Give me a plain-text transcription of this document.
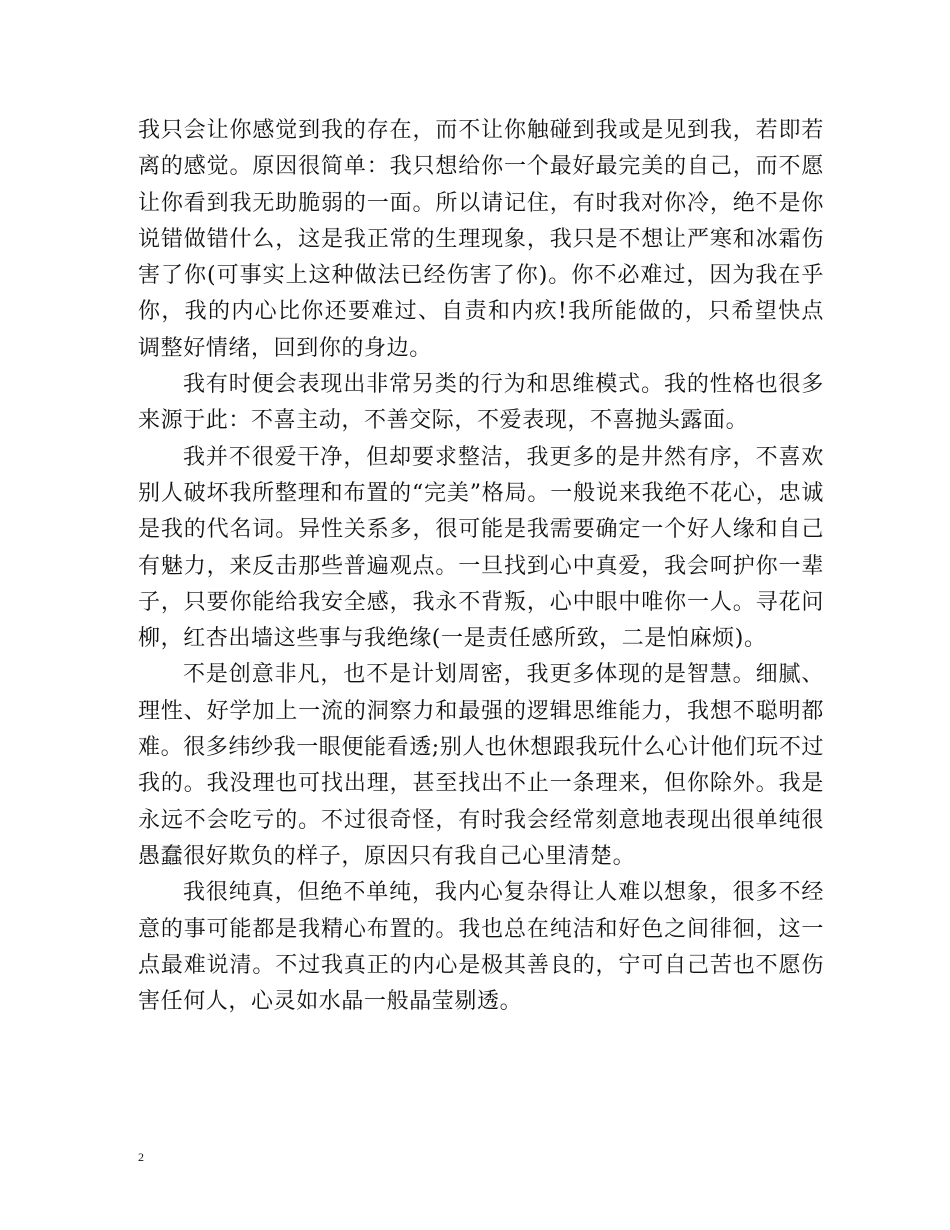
我只会让你感觉到我的存在，而不让你触碰到我或是见到我，若即若离的感觉。原因很简单：我只想给你一个最好最完美的自己，而不愿让你看到我无助脆弱的一面。所以请记住，有时我对你冷，绝不是你说错做错什么，这是我正常的生理现象，我只是不想让严寒和冰霜伤害了你(可事实上这种做法已经伤害了你)。你不必难过，因为我在乎你，我的内心比你还要难过、自责和内疚!我所能做的，只希望快点调整好情绪，回到你的身边。

我有时便会表现出非常另类的行为和思维模式。我的性格也很多来源于此：不喜主动，不善交际，不爱表现，不喜抛头露面。

我并不很爱干净，但却要求整洁，我更多的是井然有序，不喜欢别人破坏我所整理和布置的“完美”格局。一般说来我绝不花心，忠诚是我的代名词。异性关系多，很可能是我需要确定一个好人缘和自己有魅力，来反击那些普遍观点。一旦找到心中真爱，我会呵护你一辈子，只要你能给我安全感，我永不背叛，心中眼中唯你一人。寻花问柳，红杏出墙这些事与我绝缘(一是责任感所致，二是怕麻烦)。

不是创意非凡，也不是计划周密，我更多体现的是智慧。细腻、理性、好学加上一流的洞察力和最强的逻辑思维能力，我想不聪明都难。很多纬纱我一眼便能看透;别人也休想跟我玩什么心计他们玩不过我的。我没理也可找出理，甚至找出不止一条理来，但你除外。我是永远不会吃亏的。不过很奇怪，有时我会经常刻意地表现出很单纯很愚蠢很好欺负的样子，原因只有我自己心里清楚。

我很纯真，但绝不单纯，我内心复杂得让人难以想象，很多不经意的事可能都是我精心布置的。我也总在纯洁和好色之间徘徊，这一点最难说清。不过我真正的内心是极其善良的，宁可自己苦也不愿伤害任何人，心灵如水晶一般晶莹剔透。

2
